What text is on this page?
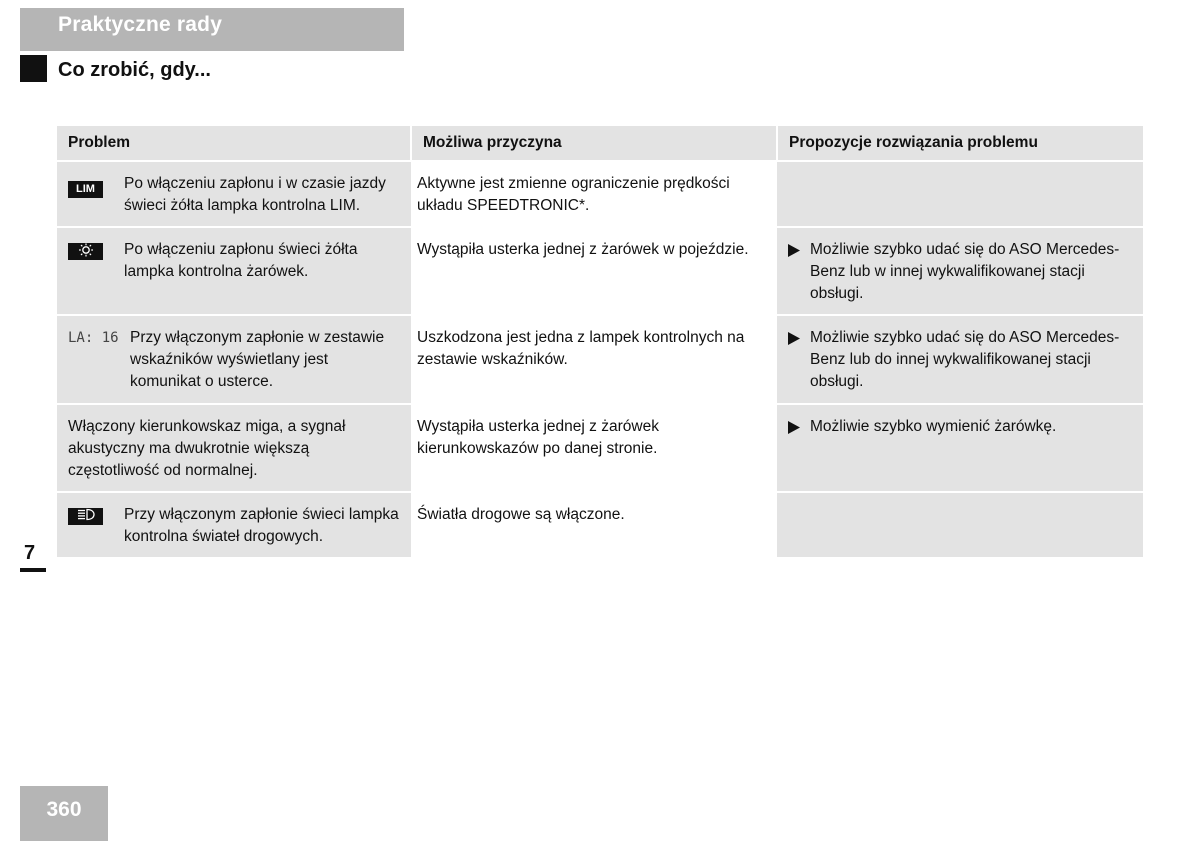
Praktyczne rady
Co zrobić, gdy...
Problem	Możliwa przyczyna	Propozycje rozwiązania problemu

LIM Po włączeniu zapłonu i w czasie jazdy świeci żółta lampka kontrolna LIM.	Aktywne jest zmienne ograniczenie prędkości układu SPEEDTRONIC*.	

Po włączeniu zapłonu świeci żółta lampka kontrolna żarówek.	Wystąpiła usterka jednej z żarówek w pojeździe.	Możliwie szybko udać się do ASO Mercedes-Benz lub w innej wykwalifikowanej stacji obsługi.

LA: 16 Przy włączonym zapłonie w zestawie wskaźników wyświetlany jest komunikat o usterce.	Uszkodzona jest jedna z lampek kontrolnych na zestawie wskaźników.	Możliwie szybko udać się do ASO Mercedes-Benz lub do innej wykwalifikowanej stacji obsługi.

Włączony kierunkowskaz miga, a sygnał akustyczny ma dwukrotnie większą częstotliwość od normalnej.	Wystąpiła usterka jednej z żarówek kierunkowskazów po danej stronie.	Możliwie szybko wymienić żarówkę.

Przy włączonym zapłonie świeci lampka kontrolna świateł drogowych.	Światła drogowe są włączone.	
7
360
